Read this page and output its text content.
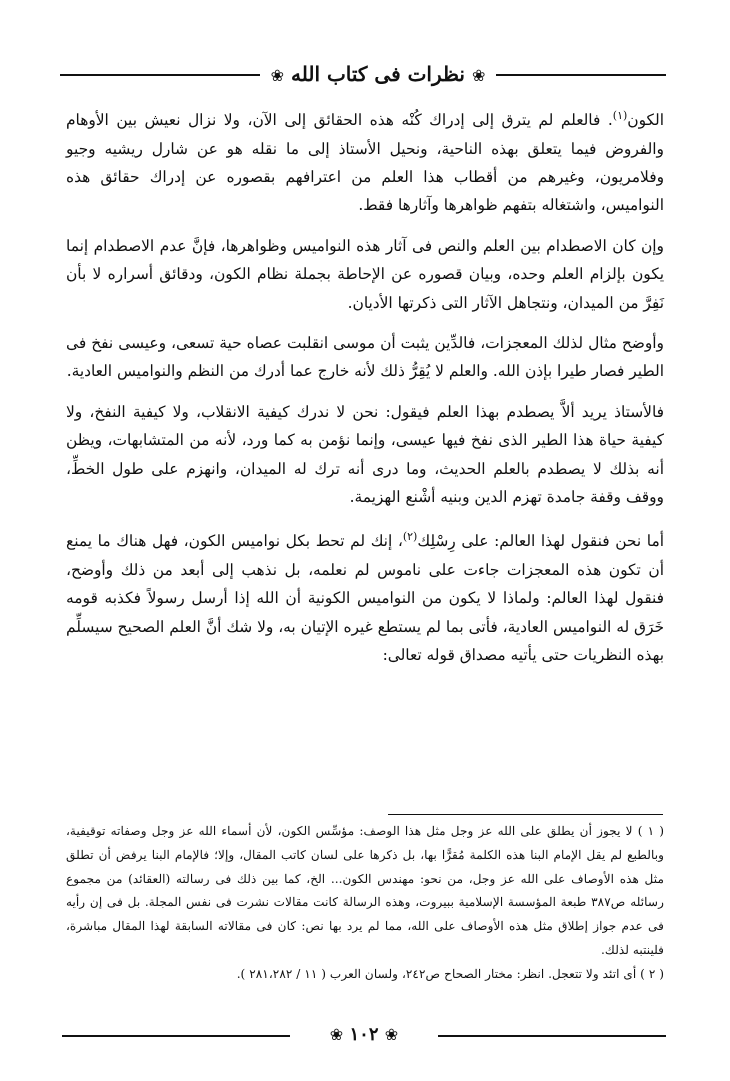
❀ نظرات فى كتاب الله ❀

الكون$^{(١)}$. فالعلم لم يترق إلى إدراك كُنْه هذه الحقائق إلى الآن، ولا نزال نعيش بين الأوهام والفروض فيما يتعلق بهذه الناحية، ونحيل الأستاذ إلى ما نقله هو عن شارل ريشيه وجيو وفلامريون، وغيرهم من أقطاب هذا العلم من اعترافهم بقصوره عن إدراك حقائق هذه النواميس، واشتغاله بتفهم ظواهرها وآثارها فقط.

وإن كان الاصطدام بين العلم والنص فى آثار هذه النواميس وظواهرها، فإنَّ عدم الاصطدام إنما يكون بإلزام العلم وحده، وبيان قصوره عن الإحاطة بجملة نظام الكون، ودقائق أسراره لا بأن نَفِرَّ من الميدان، ونتجاهل الآثار التى ذكرتها الأديان.

وأوضح مثال لذلك المعجزات، فالدِّين يثبت أن موسى انقلبت عصاه حية تسعى، وعيسى نفخ فى الطير فصار طيرا بإذن الله. والعلم لا يُقِرُّ ذلك لأنه خارج عما أدرك من النظم والنواميس العادية.

فالأستاذ يريد ألاَّ يصطدم بهذا العلم فيقول: نحن لا ندرك كيفية الانقلاب، ولا كيفية النفخ، ولا كيفية حياة هذا الطير الذى نفخ فيها عيسى، وإنما نؤمن به كما ورد، لأنه من المتشابهات، ويظن أنه بذلك لا يصطدم بالعلم الحديث، وما درى أنه ترك له الميدان، وانهزم على طول الخطِّ، ووقف وقفة جامدة تهزم الدين وبنيه أشْنع الهزيمة.

أما نحن فنقول لهذا العالم: على رِسْلِك$^{(٢)}$، إنك لم تحط بكل نواميس الكون، فهل هناك ما يمنع أن تكون هذه المعجزات جاءت على ناموس لم نعلمه، بل نذهب إلى أبعد من ذلك وأوضح، فنقول لهذا العالم: ولماذا لا يكون من النواميس الكونية أن الله إذا أرسل رسولاً فكذبه قومه خَرَق له النواميس العادية، فأتى بما لم يستطع غيره الإتيان به، ولا شك أنَّ العلم الصحيح سيسلِّم بهذه النظريات حتى يأتيه مصداق قوله تعالى:

( ١ ) لا يجوز أن يطلق على الله عز وجل مثل هذا الوصف: مؤسِّس الكون، لأن أسماء الله عز وجل وصفاته توقيفية، وبالطبع لم يقل الإمام البنا هذه الكلمة مُقرًّا بها، بل ذكرها على لسان كاتب المقال، وإلا؛ فالإمام البنا يرفض أن تطلق مثل هذه الأوصاف على الله عز وجل، من نحو: مهندس الكون... الخ، كما بين ذلك فى رسالته (العقائد) من مجموع رسائله ص٣٨٧ طبعة المؤسسة الإسلامية ببيروت، وهذه الرسالة كانت مقالات نشرت فى نفس المجلة. بل فى إن رأيه فى عدم جواز إطلاق مثل هذه الأوصاف على الله، مما لم يرد بها نص: كان فى مقالاته السابقة لهذا المقال مباشرة، فلينتبه لذلك.

( ٢ ) أى اتئد ولا تتعجل. انظر: مختار الصحاح ص٢٤٢، ولسان العرب ( ١١ / ٢٨١،٢٨٢ ).

❀ ١٠٢ ❀
